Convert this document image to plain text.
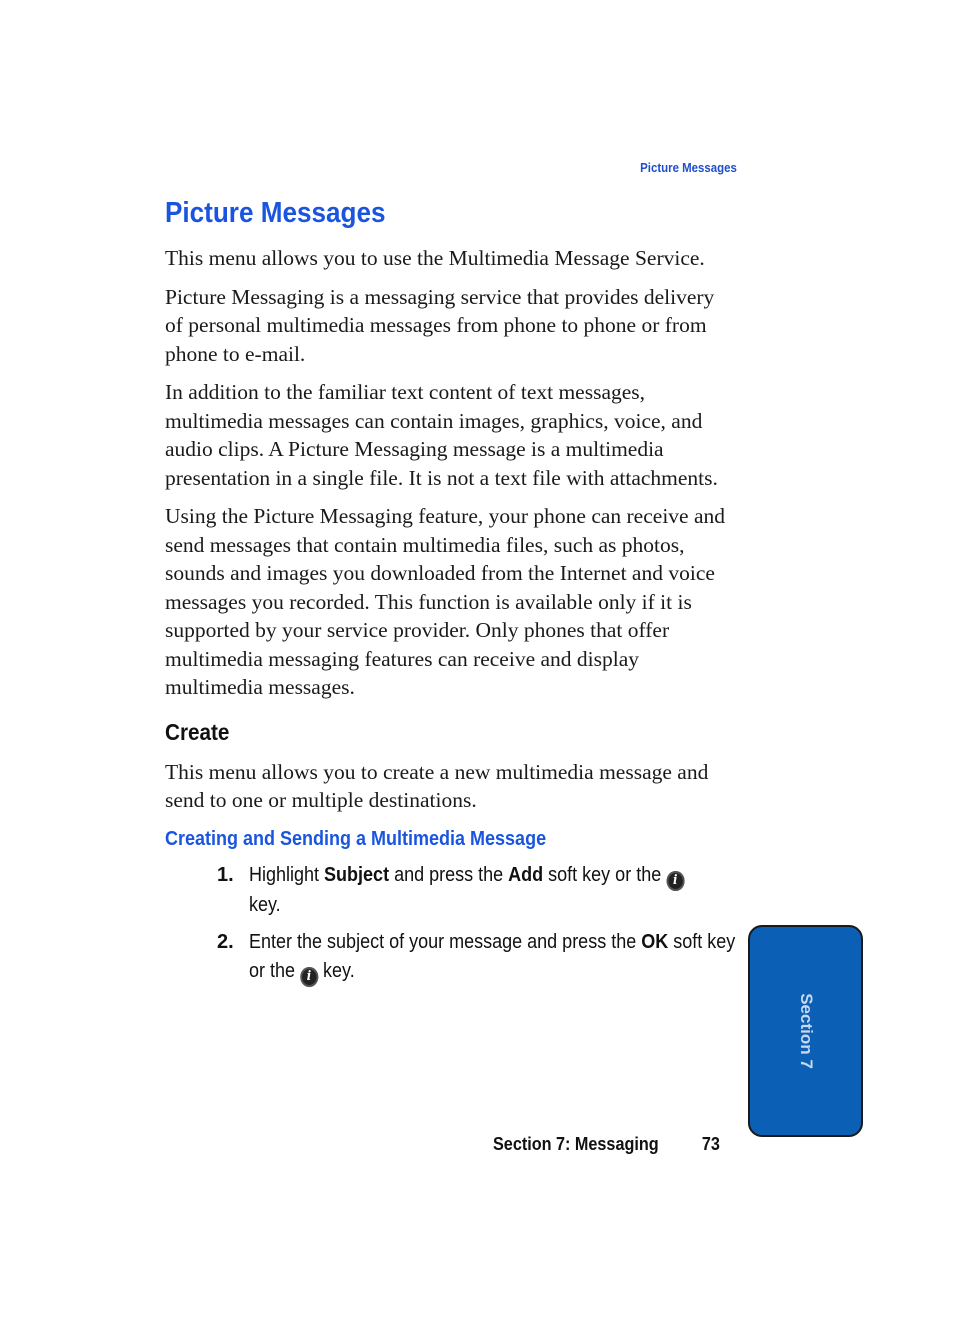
Picture Messages
Picture Messages

This menu allows you to use the Multimedia Message Service.

Picture Messaging is a messaging service that provides delivery of personal multimedia messages from phone to phone or from phone to e-mail.

In addition to the familiar text content of text messages, multimedia messages can contain images, graphics, voice, and audio clips. A Picture Messaging message is a multimedia presentation in a single file. It is not a text file with attachments.

Using the Picture Messaging feature, your phone can receive and send messages that contain multimedia files, such as photos, sounds and images you downloaded from the Internet and voice messages you recorded. This function is available only if it is supported by your service provider. Only phones that offer multimedia messaging features can receive and display multimedia messages.

Create

This menu allows you to create a new multimedia message and send to one or multiple destinations.

Creating and Sending a Multimedia Message
1. Highlight Subject and press the Add soft key or the i
key.
2. Enter the subject of your message and press the OK soft key or the i key.
Section 7
Section 7: Messaging 73
